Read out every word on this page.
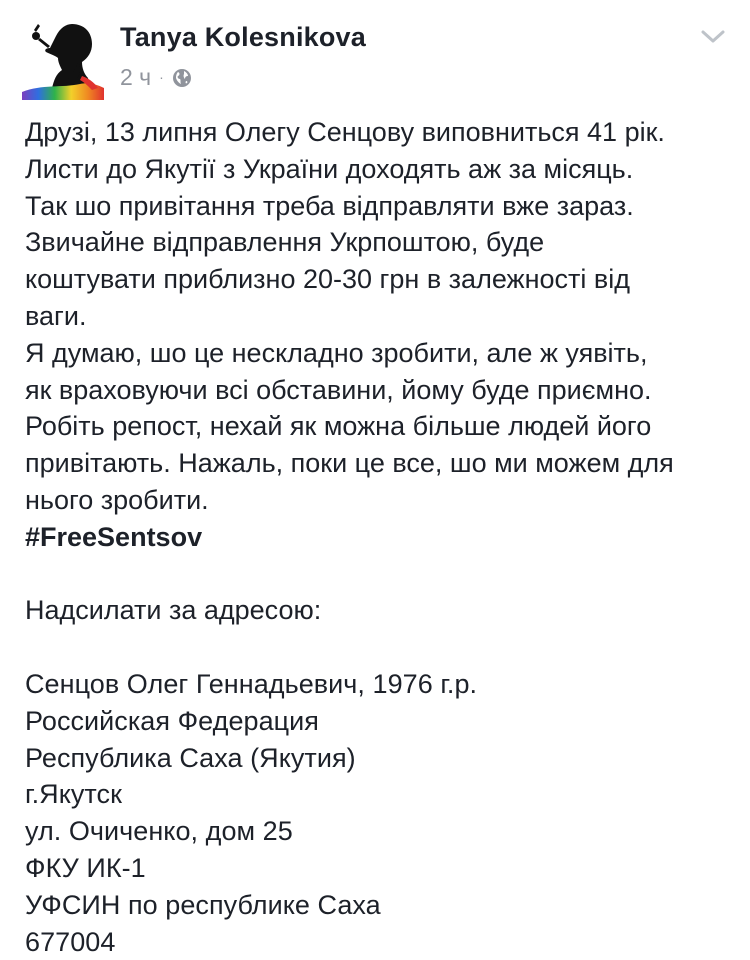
Tanya Kolesnikova
2 ч ·
Друзі, 13 липня Олегу Сенцову виповниться 41 рік.
Листи до Якутії з України доходять аж за місяць.
Так шо привітання треба відправляти вже зараз.
Звичайне відправлення Укрпоштою, буде
коштувати приблизно 20-30 грн в залежності від
ваги.
Я думаю, шо це нескладно зробити, але ж уявіть,
як враховуючи всі обставини, йому буде приємно.
Робіть репост, нехай як можна більше людей його
привітають. Нажаль, поки це все, шо ми можем для
нього зробити.
#FreeSentsov
Надсилати за адресою:
Сенцов Олег Геннадьевич, 1976 г.р.
Российская Федерация
Республика Саха (Якутия)
г.Якутск
ул. Очиченко, дом 25
ФКУ ИК-1
УФСИН по республике Саха
677004
